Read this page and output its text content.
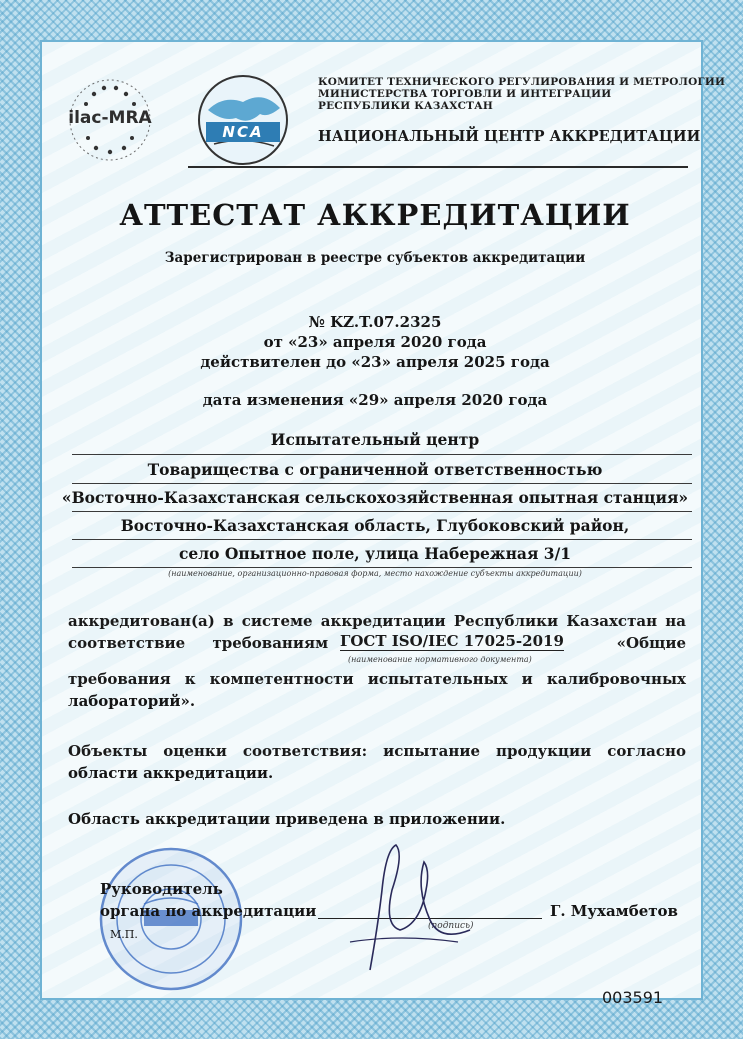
ilac-MRA
NCA
КОМИТЕТ ТЕХНИЧЕСКОГО РЕГУЛИРОВАНИЯ И МЕТРОЛОГИИ
МИНИСТЕРСТВА ТОРГОВЛИ И ИНТЕГРАЦИИ
РЕСПУБЛИКИ КАЗАХСТАН
НАЦИОНАЛЬНЫЙ ЦЕНТР АККРЕДИТАЦИИ
АТТЕСТАТ АККРЕДИТАЦИИ
Зарегистрирован в реестре субъектов аккредитации
№ KZ.T.07.2325
от «23» апреля 2020 года
действителен до «23» апреля 2025 года
дата изменения «29» апреля 2020 года
Испытательный центр
Товарищества с ограниченной ответственностью
«Восточно-Казахстанская сельскохозяйственная опытная станция»
Восточно-Казахстанская область, Глубоковский район,
село Опытное поле, улица Набережная 3/1
(наименование, организационно-правовая форма, место нахождение субъекты аккредитации)
аккредитован(а) в системе аккредитации Республики Казахстан на
соответствие требованиям ГОСТ ISO/IEC 17025-2019	«Общие
(наименование нормативного документа)
требования к компетентности испытательных и калибровочных
лабораторий».
Объекты оценки соответствия: испытание продукции согласно
области аккредитации.
Область аккредитации приведена в приложении.
Руководитель
органа по аккредитации	Г. Мухамбетов
М.П.
(подпись)
003591
